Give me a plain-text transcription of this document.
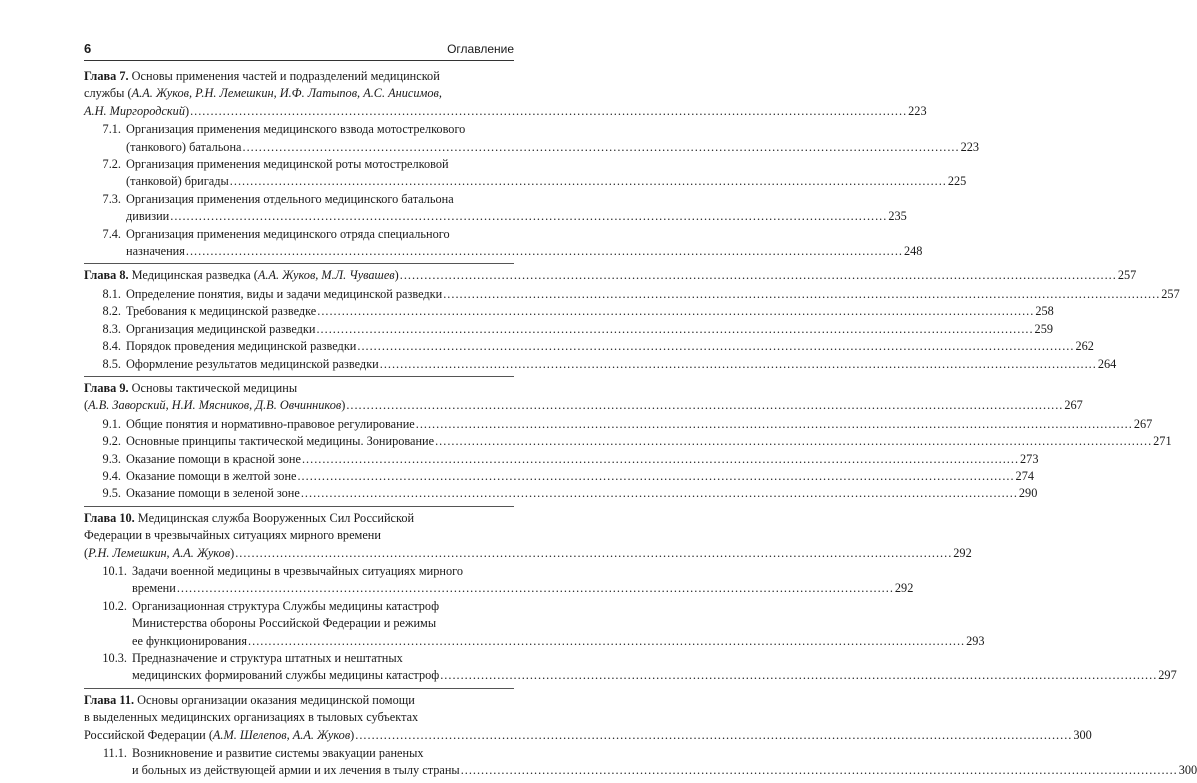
6	Оглавление
Глава 7. Основы применения частей и подразделений медицинской
службы (А.А. Жуков, Р.Н. Лемешкин, И.Ф. Латыпов, А.С. Анисимов,
А.Н. Миргородский) .....	223
7.1. Организация применения медицинского взвода мотострелкового
(танкового) батальона .....	223
7.2. Организация применения медицинской роты мотострелковой
(танковой) бригады .....	225
7.3. Организация применения отдельного медицинского батальона
дивизии .....	235
7.4. Организация применения медицинского отряда специального
назначения .....	248
Глава 8. Медицинская разведка (А.А. Жуков, М.Л. Чувашев) .....	257
8.1. Определение понятия, виды и задачи медицинской разведки .....	257
8.2. Требования к медицинской разведке .....	258
8.3. Организация медицинской разведки .....	259
8.4. Порядок проведения медицинской разведки .....	262
8.5. Оформление результатов медицинской разведки .....	264
Глава 9. Основы тактической медицины
(А.В. Заворский, Н.И. Мясников, Д.В. Овчинников) .....	267
9.1. Общие понятия и нормативно-правовое регулирование .....	267
9.2. Основные принципы тактической медицины. Зонирование .....	271
9.3. Оказание помощи в красной зоне .....	273
9.4. Оказание помощи в желтой зоне .....	274
9.5. Оказание помощи в зеленой зоне .....	290
Глава 10. Медицинская служба Вооруженных Сил Российской
Федерации в чрезвычайных ситуациях мирного времени
(Р.Н. Лемешкин, А.А. Жуков) .....	292
10.1. Задачи военной медицины в чрезвычайных ситуациях мирного
времени .....	292
10.2. Организационная структура Службы медицины катастроф
Министерства обороны Российской Федерации и режимы
ее функционирования .....	293
10.3. Предназначение и структура штатных и нештатных
медицинских формирований службы медицины катастроф .....	297
Глава 11. Основы организации оказания медицинской помощи
в выделенных медицинских организациях в тыловых субъектах
Российской Федерации (А.М. Шелепов, А.А. Жуков) .....	300
11.1. Возникновение и развитие системы эвакуации раненых
и больных из действующей армии и их лечения в тылу страны .....	300
